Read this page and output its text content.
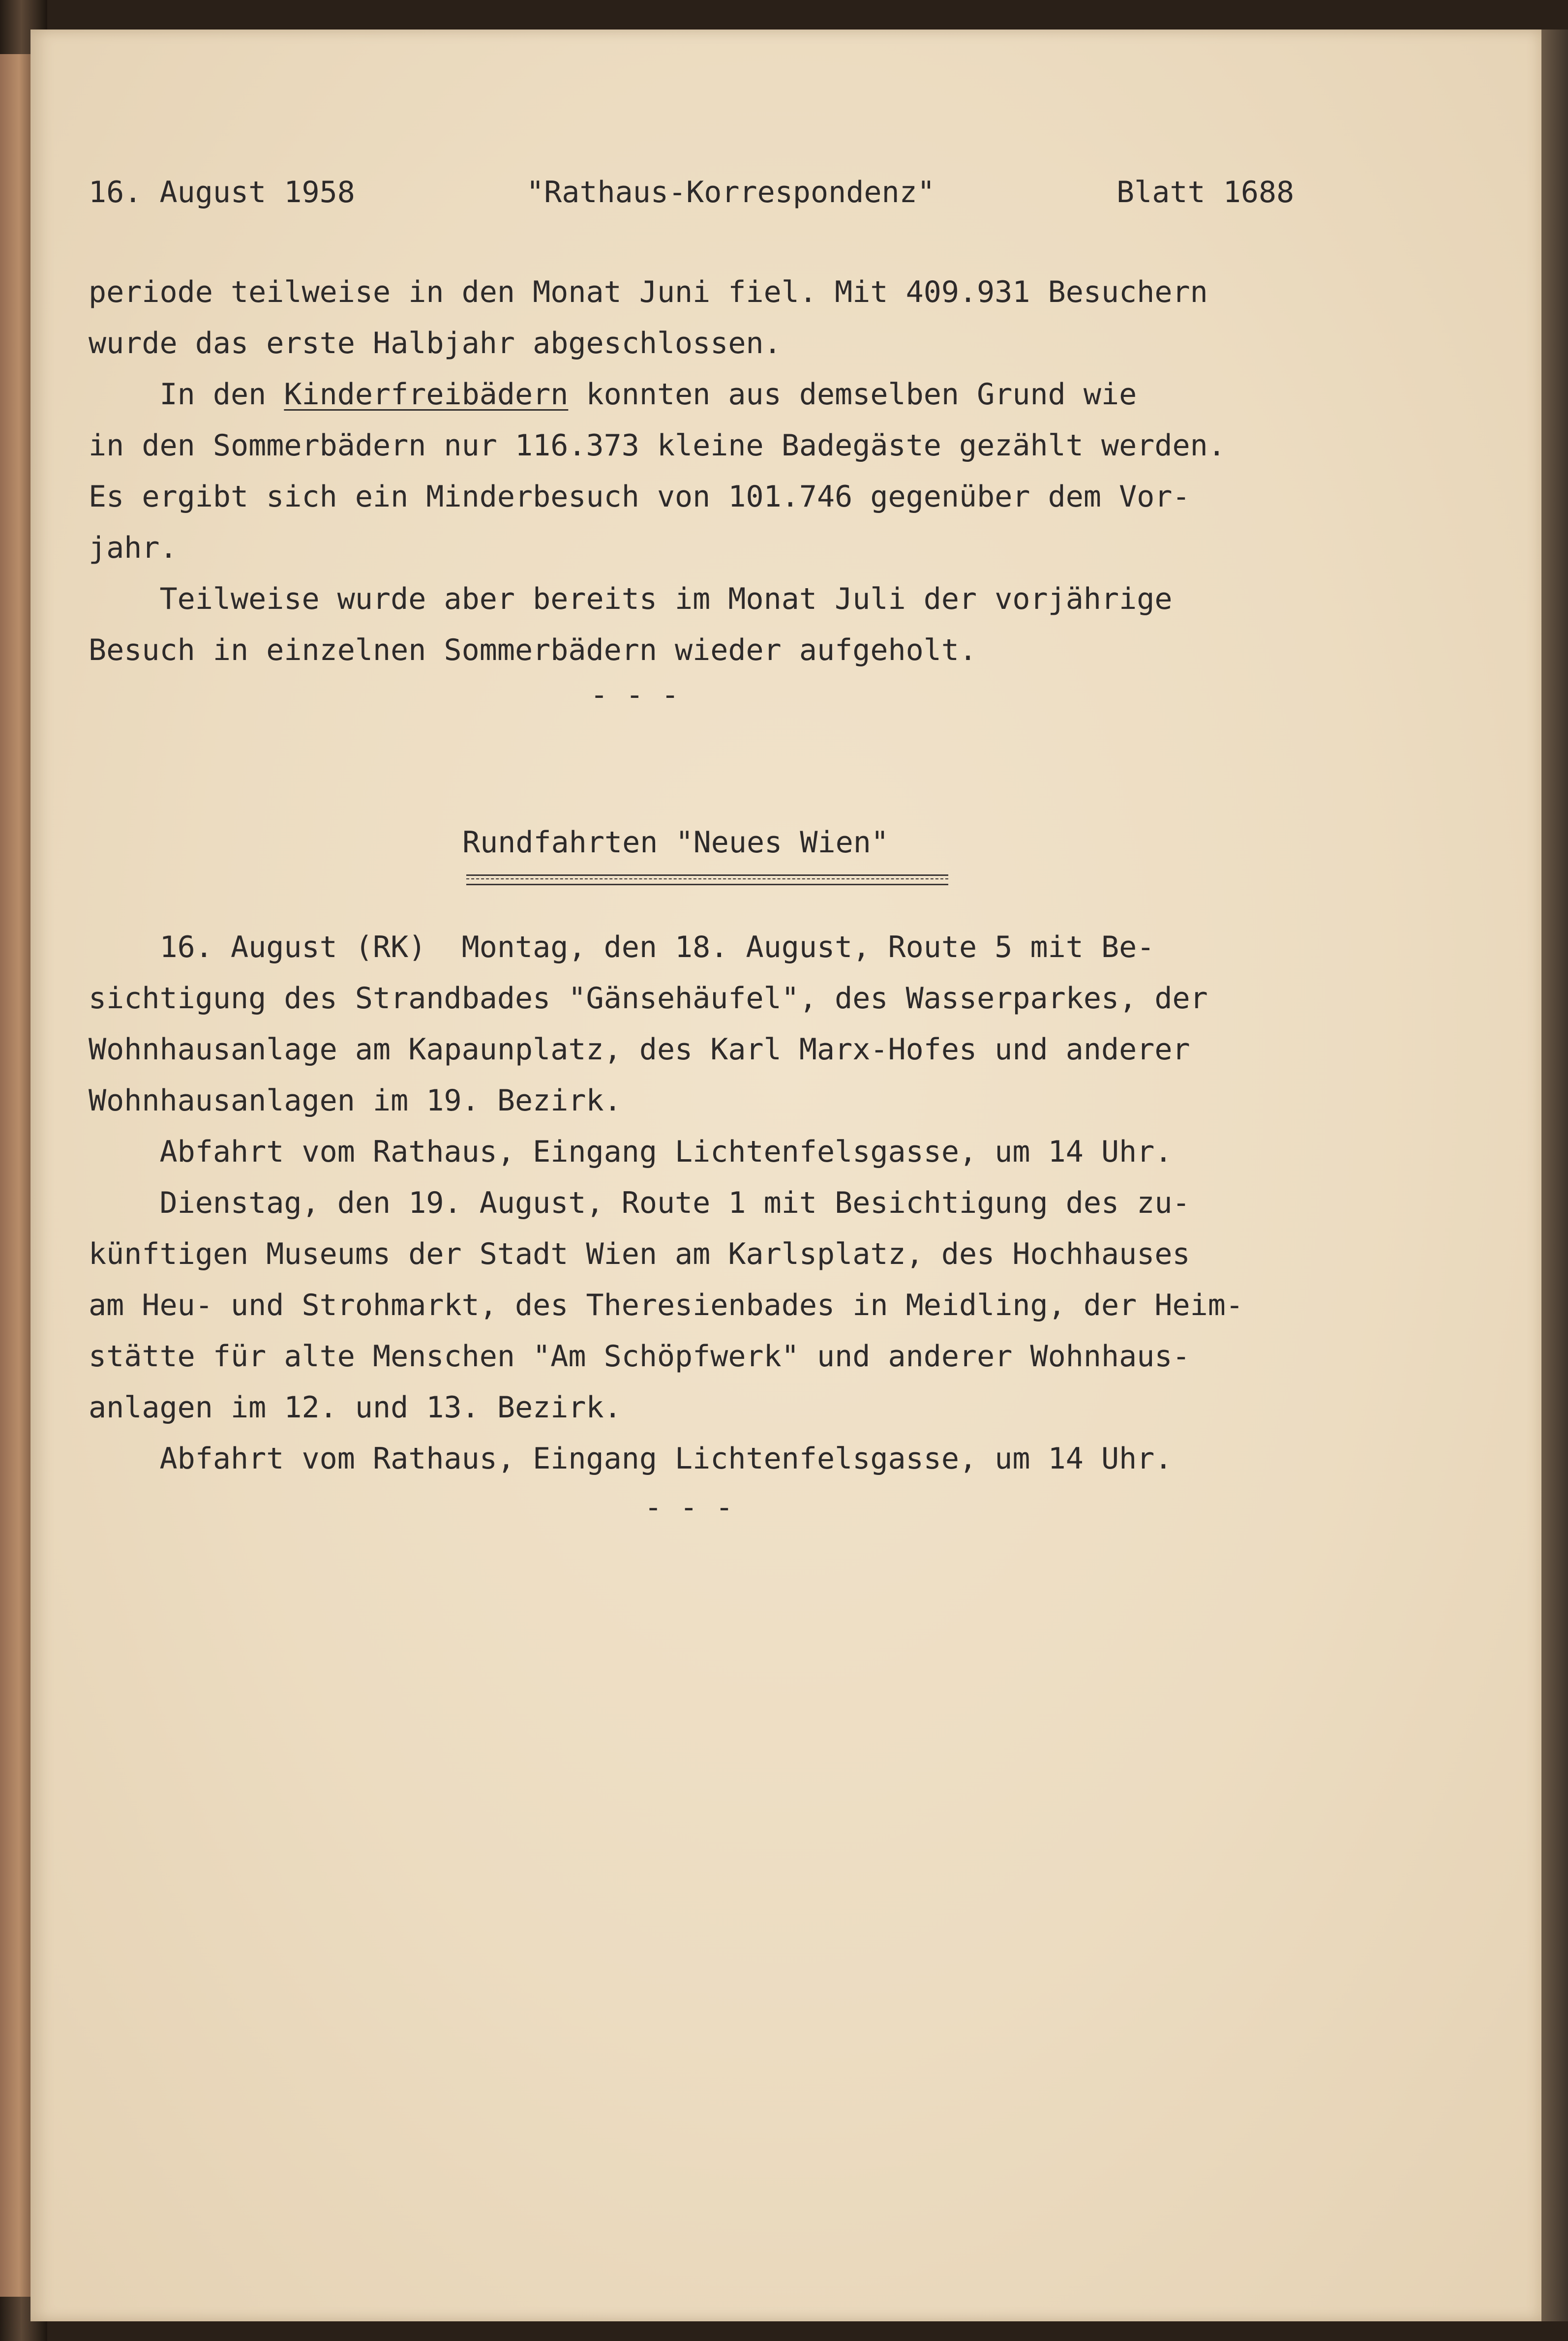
16. August 1958	"Rathaus-Korrespondenz"	Blatt 1688
periode teilweise in den Monat Juni fiel. Mit 409.931 Besuchern
wurde das erste Halbjahr abgeschlossen.
In den Kinderfreibädern konnten aus demselben Grund wie
in den Sommerbädern nur 116.373 kleine Badegäste gezählt werden.
Es ergibt sich ein Minderbesuch von 101.746 gegenüber dem Vor-
jahr.
Teilweise wurde aber bereits im Monat Juli der vorjährige
Besuch in einzelnen Sommerbädern wieder aufgeholt.
- - -
Rundfahrten "Neues Wien"
16. August (RK)  Montag, den 18. August, Route 5 mit Be-
sichtigung des Strandbades "Gänsehäufel", des Wasserparkes, der
Wohnhausanlage am Kapaunplatz, des Karl Marx-Hofes und anderer
Wohnhausanlagen im 19. Bezirk.
Abfahrt vom Rathaus, Eingang Lichtenfelsgasse, um 14 Uhr.
Dienstag, den 19. August, Route 1 mit Besichtigung des zu-
künftigen Museums der Stadt Wien am Karlsplatz, des Hochhauses
am Heu- und Strohmarkt, des Theresienbades in Meidling, der Heim-
stätte für alte Menschen "Am Schöpfwerk" und anderer Wohnhaus-
anlagen im 12. und 13. Bezirk.
Abfahrt vom Rathaus, Eingang Lichtenfelsgasse, um 14 Uhr.
- - -
